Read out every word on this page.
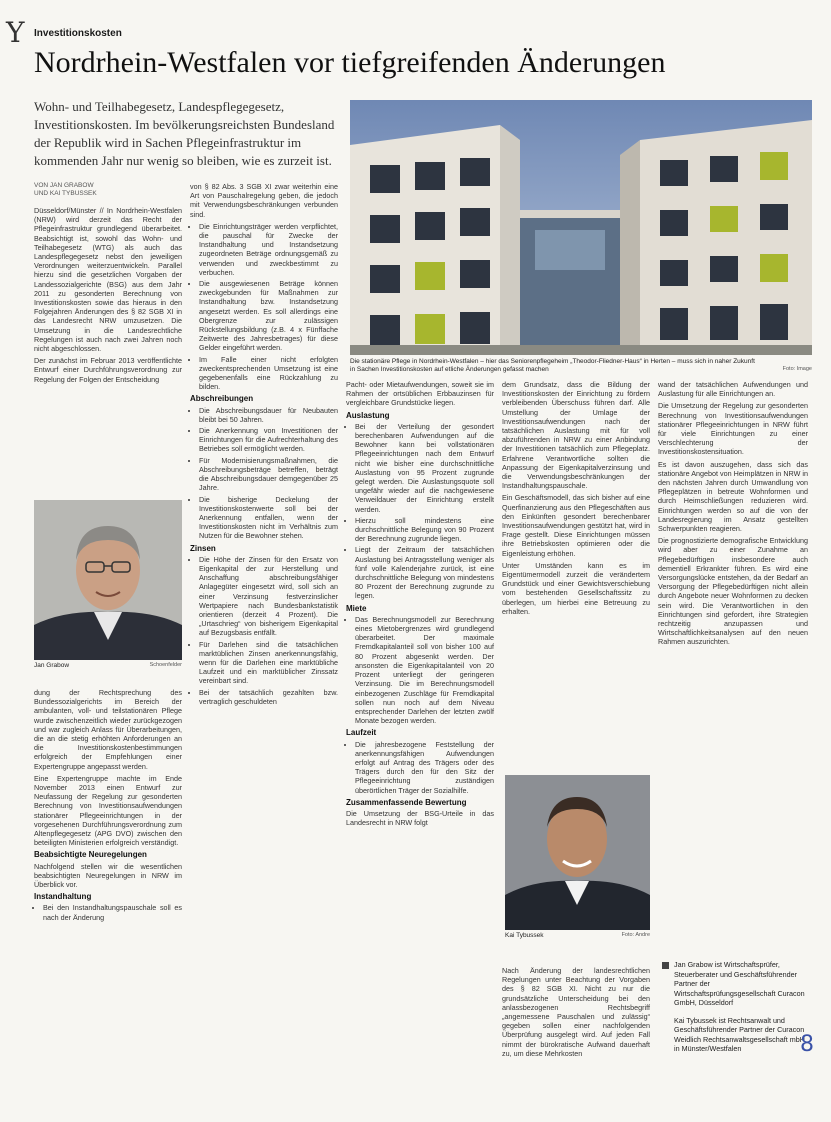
Y Investitionskosten
Nordrhein-Westfalen vor tiefgreifenden Änderungen
Wohn- und Teilhabegesetz, Landespflegegesetz, Investitionskosten. Im bevölkerungsreichsten Bundesland der Republik wird in Sachen Pflegeinfrastruktur im kommenden Jahr nur wenig so bleiben, wie es zurzeit ist.
Die stationäre Pflege in Nordrhein-Westfalen – hier das Seniorenpflegeheim „Theodor-Fliedner-Haus“ in Herten – muss sich in naher Zukunft in Sachen Investitionskosten auf etliche Änderungen gefasst machen	Foto: Image
VON JAN GRABOW
UND KAI TYBUSSEK

Düsseldorf/Münster // In Nordrhein-Westfalen (NRW) wird derzeit das Recht der Pflegeinfrastruktur grundlegend überarbeitet. Beabsichtigt ist, sowohl das Wohn- und Teilhabegesetz (WTG) als auch das Landespflegegesetz nebst den jeweiligen Verordnungen weiterzuentwickeln. Parallel hierzu sind die gesetzlichen Vorgaben der Landessozialgerichte (BSG) aus dem Jahr 2011 zu gesonderten Berechnung von Investitionskosten sowie das hieraus in den Folgejahren Änderungen des § 82 SGB XI in das Landesrecht NRW umzusetzen. Die Umsetzung in die Landesrechtliche Regelungen ist auch nach zwei Jahren noch nicht abgeschlossen.

Der zunächst im Februar 2013 veröffentlichte Entwurf einer Durchführungsverordnung zur Regelung der Folgen der Entscheidung

Jan Grabow	Schoenfelder

dung der Rechtsprechung des Bundessozialgerichts im Bereich der ambulanten, voll- und teilstationären Pflege wurde zwischenzeitlich wieder zurückgezogen und war zugleich Anlass für Überarbeitungen, die an die stetig erhöhten Anforderungen an die Investitionskostenbestimmungen erfolgreich der Empfehlungen einer Expertengruppe angepasst werden.

Eine Expertengruppe machte im Ende November 2013 einen Entwurf zur Neufassung der Regelung zur gesonderten Berechnung von Investitionsaufwendungen stationärer Pflegeeinrichtungen in der vorgesehenen Durchführungsverordnung zum Altenpflegegesetz (APG DVO) zwischen den beteiligten Ministerien erfolgreich verständigt.

Beabsichtigte Neuregelungen

Nachfolgend stellen wir die wesentlichen beabsichtigten Neuregelungen in NRW im Überblick vor.

Instandhaltung
• Bei den Instandhaltungspauschale soll es nach der Änderung

von § 82 Abs. 3 SGB XI zwar weiterhin eine Art von Pauschalregelung geben, die jedoch mit Verwendungsbeschränkungen verbunden sind.

• Die Einrichtungsträger werden verpflichtet, die pauschal für Zwecke der Instandhaltung und Instandsetzung zugeordneten Beträge ordnungsgemäß zu verwenden und zweckbestimmt zu verbuchen.
• Die ausgewiesenen Beträge können zweckgebunden für Maßnahmen zur Instandhaltung bzw. Instandsetzung angesetzt werden. Es soll allerdings eine Obergrenze zur zulässigen Rückstellungsbildung (z.B. 4 x Fünffache Zeitwerte des Jahresbetrages) für diese Gelder eingeführt werden.
• Im Falle einer nicht erfolgten zweckentsprechenden Umsetzung ist eine gegebenenfalls eine Rückzahlung zu bilden.
Abschreibungen
• Die Abschreibungsdauer für Neubauten bleibt bei 50 Jahren.
• Die Anerkennung von Investitionen der Einrichtungen für die Aufrechterhaltung des Betriebes soll ermöglicht werden.
• Für Modernisierungsmaßnahmen, die Abschreibungsbeträge betreffen, beträgt die Abschreibungsdauer demgegenüber 25 Jahre.
• Die bisherige Deckelung der Investitionskostenwerte soll bei der Anerkennung entfallen, wenn der Investitionskosten nicht im Verhältnis zum Nutzen für die Bewohner stehen.
Zinsen
• Die Höhe der Zinsen für den Ersatz von Eigenkapital der zur Herstellung und Anschaffung abschreibungsfähiger Anlagegüter eingesetzt wird, soll sich an einer Verzinsung festverzinslicher Wertpapiere nach Bundesbankstatistik orientieren (derzeit 4 Prozent). Die „Urtaschrieg“ von bisherigem Eigenkapital auf Bezugsbasis entfällt.
• Für Darlehen sind die tatsächlichen marktüblichen Zinsen anerkennungsfähig, wenn für die Darlehen eine marktübliche Laufzeit und ein marktüblicher Zinssatz vereinbart sind.
• Bei der tatsächlich gezahlten bzw. vertraglich geschuldeten

Pacht- oder Mietaufwendungen, soweit sie im Rahmen der ortsüblichen Erbbauzinsen für vergleichbare Grundstücke liegen.

Auslastung
• Bei der Verteilung der gesondert berechenbaren Aufwendungen auf die Bewohner kann bei vollstationären Pflegeeinrichtungen nach dem Entwurf nicht wie bisher eine durchschnittliche Auslastung von 95 Prozent zugrunde gelegt werden. Die Auslastungsquote soll ungefähr wieder auf die nachgewiesene Verweildauer der Einrichtung erstellt werden.
• Hierzu soll mindestens eine durchschnittliche Belegung von 90 Prozent der Berechnung zugrunde liegen.
• Liegt der Zeitraum der tatsächlichen Auslastung bei Antragsstellung weniger als fünf volle Kalenderjahre zurück, ist eine durchschnittliche Belegung von mindestens 80 Prozent der Berechnung zugrunde zu legen.
Miete
• Das Berechnungsmodell zur Berechnung eines Mietobergrenzes wird grundlegend überarbeitet. Der maximale Fremdkapitalanteil soll von bisher 100 auf 80 Prozent abgesenkt werden. Der ansonsten die Eigenkapitalanteil von 20 Prozent unterliegt der geringeren Verzinsung. Die im Berechnungsmodell einbezogenen Zuschläge für Fremdkapital sollen nun noch auf dem Niveau entsprechender Darlehen der letzten zwölf Monate bezogen werden.
Laufzeit
• Die jahresbezogene Feststellung der anerkennungsfähigen Aufwendungen erfolgt auf Antrag des Trägers oder des Trägers durch den für den Sitz der Pflegeeinrichtung zuständigen überörtlichen Träger der Sozialhilfe.
Zusammenfassende Bewertung

Die Umsetzung der BSG-Urteile in das Landesrecht in NRW folgt

dem Grundsatz, dass die Bildung der Investitionskosten der Einrichtung zu fördern verbleibenden Überschuss führen darf. Alle Umstellung der Umlage der Investitionsaufwendungen nach der tatsächlichen Auslastung mit für voll abzuführenden in NRW zu einer Anbindung der Investitionen tatsächlich zum Pflegeplatz. Erfahrene Verantwortliche sollten die Anpassung der Eigenkapitalverzinsung und die Verwendungsbeschränkungen der Instandhaltungspauschale.

Ein Geschäftsmodell, das sich bisher auf eine Querfinanzierung aus den Pflegeschäften aus den Einkünften gesondert berechenbarer Investitionsaufwendungen gestützt hat, wird in Frage gestellt. Diese Einrichtungen müssen ihre Betriebskosten optimieren oder die Eigenleistung erhöhen.

Unter Umständen kann es im Eigentümermodell zurzeit die verändertem Grundstück und einer Gewichtsverschiebung vom bestehenden Gesellschaftssitz zu überlegen, um hierbei eine Betreuung zu erhalten.

Kai Tybussek	Foto: Andre

Nach Änderung der landesrechtlichen Regelungen unter Beachtung der Vorgaben des § 82 SGB XI. Nicht zu nur die grundsätzliche Unterscheidung bei den anlassbezogenen Rechtsbegriff „angemessene Pauschalen und zulässig“ gegeben sollen einer nachfolgenden Überprüfung ausgelegt wird. Auf jeden Fall nimmt der bürokratische Aufwand dauerhaft zu, um diese Mehrkosten

wand der tatsächlichen Aufwendungen und Auslastung für alle Einrichtungen an.

Die Umsetzung der Regelung zur gesonderten Berechnung von Investitionsaufwendungen stationärer Pflegeeinrichtungen in NRW führt für viele Einrichtungen zu einer Verschlechterung der Investitionskostensituation.

Es ist davon auszugehen, dass sich das stationäre Angebot von Heimplätzen in NRW in den nächsten Jahren durch Umwandlung von Pflegeplätzen in betreute Wohnformen und durch Heimschließungen reduzieren wird. Einrichtungen werden so auf die von der Landesregierung im Ansatz gestellten Schwerpunkten reagieren.

Die prognostizierte demografische Entwicklung wird aber zu einer Zunahme an Pflegebedürftigen insbesondere auch dementiell Erkrankter führen. Es wird eine Versorgungslücke entstehen, da der Bedarf an Versorgung der Pflegebedürftigen nicht allein durch Angebote neuer Wohnformen zu decken sein wird. Die Verantwortlichen in den Einrichtungen sind gefordert, ihre Strategien rechtzeitig anzupassen und Wirtschaftlichkeitsanalysen auf den neuen Rahmen auszurichten.

Jan Grabow ist Wirtschaftsprüfer, Steuerberater und Geschäftsführender Partner der Wirtschaftsprüfungsgesellschaft Curacon GmbH, Düsseldorf
Kai Tybussek ist Rechtsanwalt und Geschäftsführender Partner der Curacon Weidlich Rechtsanwaltsgesellschaft mbH in Münster/Westfalen	8
